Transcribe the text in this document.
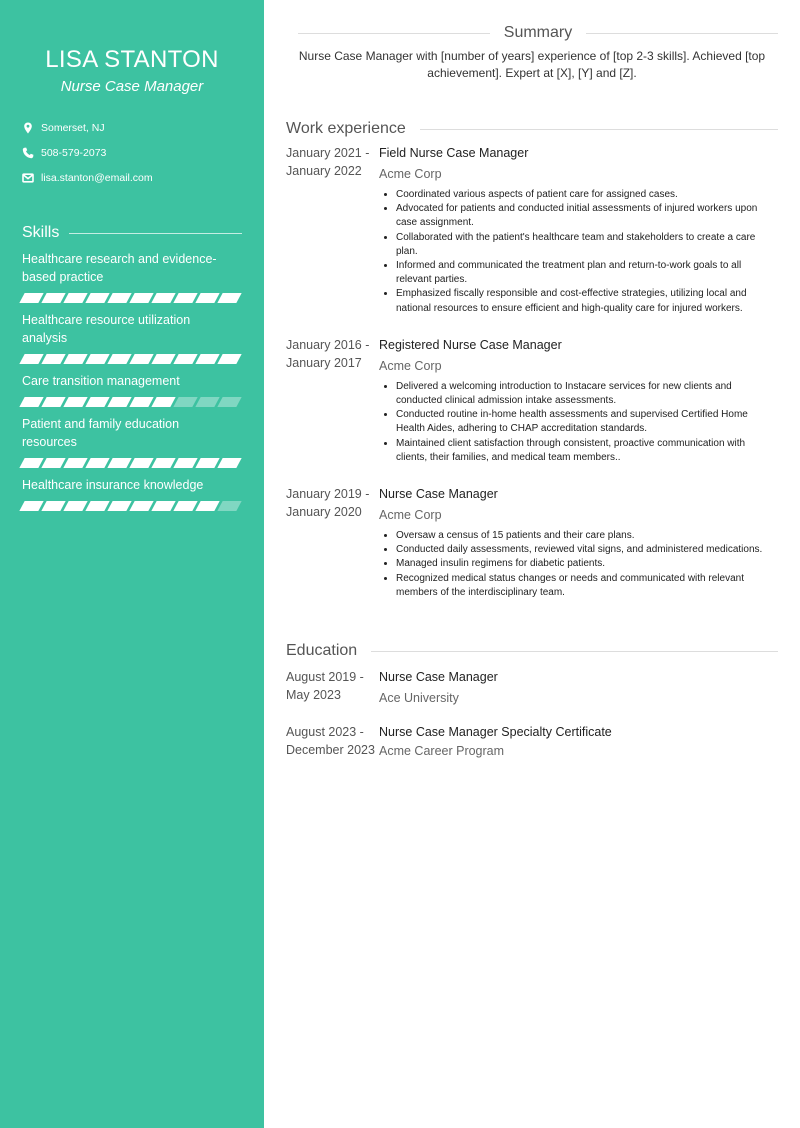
LISA STANTON
Nurse Case Manager
Somerset, NJ
508-579-2073
lisa.stanton@email.com
Skills
Healthcare research and evidence-based practice
Healthcare resource utilization analysis
Care transition management
Patient and family education resources
Healthcare insurance knowledge
Summary

Nurse Case Manager with [number of years] experience of [top 2-3 skills]. Achieved [top achievement]. Expert at [X], [Y] and [Z].

Work experience
January 2021 -
January 2022
Field Nurse Case Manager
Acme Corp
• Coordinated various aspects of patient care for assigned cases.
• Advocated for patients and conducted initial assessments of injured workers upon case assignment.
• Collaborated with the patient's healthcare team and stakeholders to create a care plan.
• Informed and communicated the treatment plan and return-to-work goals to all relevant parties.
• Emphasized fiscally responsible and cost-effective strategies, utilizing local and national resources to ensure efficient and high-quality care for injured workers.
January 2016 -
January 2017
Registered Nurse Case Manager
Acme Corp
• Delivered a welcoming introduction to Instacare services for new clients and conducted clinical admission intake assessments.
• Conducted routine in-home health assessments and supervised Certified Home Health Aides, adhering to CHAP accreditation standards.
• Maintained client satisfaction through consistent, proactive communication with clients, their families, and medical team members..
January 2019 -
January 2020
Nurse Case Manager
Acme Corp
• Oversaw a census of 15 patients and their care plans.
• Conducted daily assessments, reviewed vital signs, and administered medications.
• Managed insulin regimens for diabetic patients.
• Recognized medical status changes or needs and communicated with relevant members of the interdisciplinary team.
Education
August 2019 -
May 2023
Nurse Case Manager
Ace University
August 2023 -
December 2023
Nurse Case Manager Specialty Certificate
Acme Career Program
